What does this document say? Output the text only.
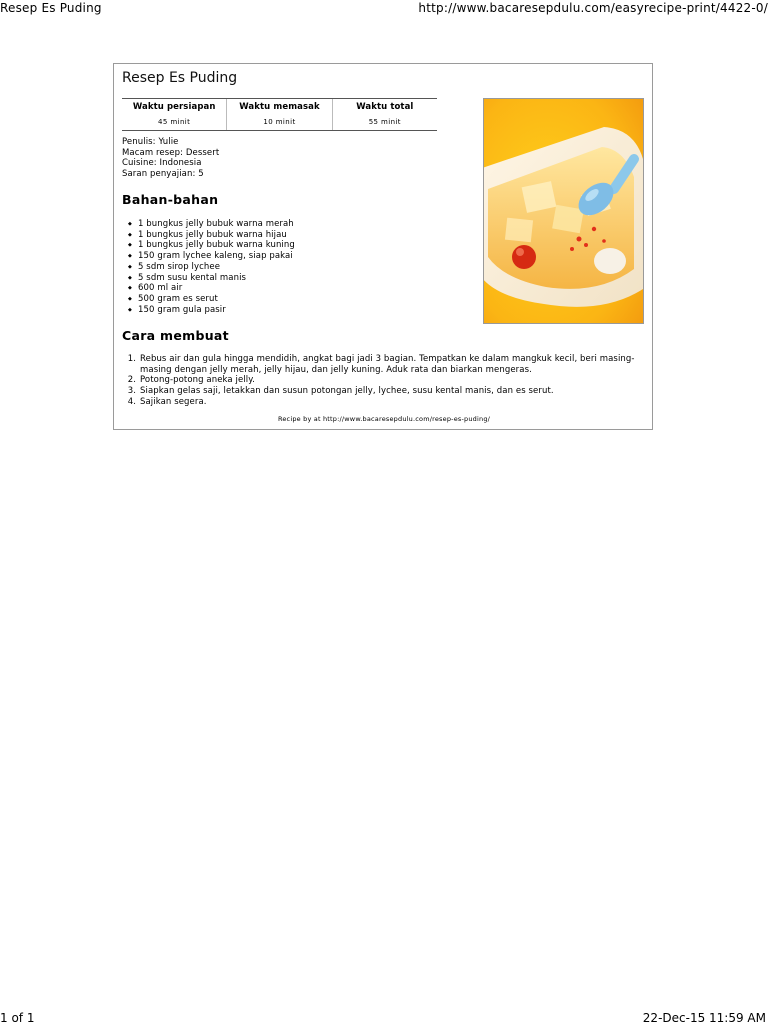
Resep Es Puding	http://www.bacaresepdulu.com/easyrecipe-print/4422-0/
Resep Es Puding
Waktu persiapan
45 minit
Waktu memasak
10 minit
Waktu total
55 minit
Penulis: Yulie
Macam resep: Dessert
Cuisine: Indonesia
Saran penyajian: 5
Bahan-bahan
◆ 1 bungkus jelly bubuk warna merah
◆ 1 bungkus jelly bubuk warna hijau
◆ 1 bungkus jelly bubuk warna kuning
◆ 150 gram lychee kaleng, siap pakai
◆ 5 sdm sirop lychee
◆ 5 sdm susu kental manis
◆ 600 ml air
◆ 500 gram es serut
◆ 150 gram gula pasir
Cara membuat
1. Rebus air dan gula hingga mendidih, angkat bagi jadi 3 bagian. Tempatkan ke dalam mangkuk kecil, beri masing-masing dengan jelly merah, jelly hijau, dan jelly kuning. Aduk rata dan biarkan mengeras.
2. Potong-potong aneka jelly.
3. Siapkan gelas saji, letakkan dan susun potongan jelly, lychee, susu kental manis, dan es serut.
4. Sajikan segera.
Recipe by at http://www.bacaresepdulu.com/resep-es-puding/
1 of 1	22-Dec-15 11:59 AM
